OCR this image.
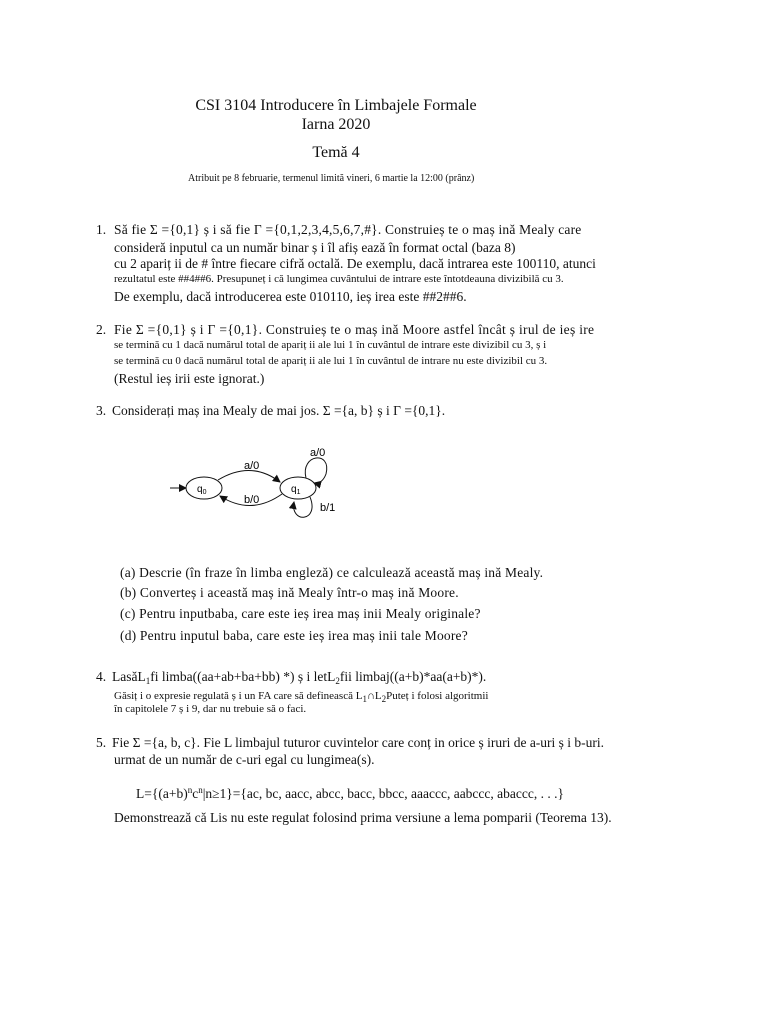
CSI 3104 Introducere în Limbajele Formale
Iarna 2020
Temă 4
Atribuit pe 8 februarie, termenul limită vineri, 6 martie la 12:00 (prânz)
1. Să fie Σ ={0,1} ș i să fie Γ ={0,1,2,3,4,5,6,7,#}. Construieș te o maș ină Mealy care
consideră inputul ca un număr binar ș i îl afiș ează în format octal (baza 8)
cu 2 apariț ii de # între fiecare cifră octală. De exemplu, dacă intrarea este 100110, atunci
rezultatul este ##4##6. Presupuneț i că lungimea cuvântului de intrare este întotdeauna divizibilă cu 3.
De exemplu, dacă introducerea este 010110, ieș irea este ##2##6.
2. Fie Σ ={0,1} ș i Γ ={0,1}. Construieș te o maș ină Moore astfel încât ș irul de ieș ire
se termină cu 1 dacă numărul total de apariț ii ale lui 1 în cuvântul de intrare este divizibil cu 3, ș i
se termină cu 0 dacă numărul total de apariț ii ale lui 1 în cuvântul de intrare nu este divizibil cu 3.
(Restul ieș irii este ignorat.)
3. Considerați maș ina Mealy de mai jos. Σ ={a, b} ș i Γ ={0,1}.
$q_0$	$q_1$
a/0
b/0
a/0
b/1
(a) Descrie (în fraze în limba engleză) ce calculează această maș ină Mealy.
(b) Converteș i această maș ină Mealy într-o maș ină Moore.
(c) Pentru inputbaba, care este ieș irea maș inii Mealy originale?
(d) Pentru inputul baba, care este ieș irea maș inii tale Moore?
4. LasăL$_1$fi limba((aa+ab+ba+bb) *) ș i letL$_2$fii limbaj((a+b)*aa(a+b)*).
Găsiț i o expresie regulată ș i un FA care să definească $L_1\cap L_2Puteț$ i folosi algoritmii
în capitolele 7 ș i 9, dar nu trebuie să o faci.
5. Fie Σ ={a, b, c}. Fie L limbajul tuturor cuvintelor care conț in orice ș iruri de a-uri ș i b-uri.
urmat de un număr de c-uri egal cu lungimea(s).
$L=\{(a+b)^nc^n|n\ge 1\}=\{ac$, bc, aacc, abcc, bacc, bbcc, aaaccc, aabccc, abaccc, . . .}
Demonstrează că Lis nu este regulat folosind prima versiune a lema pomparii (Teorema 13).
